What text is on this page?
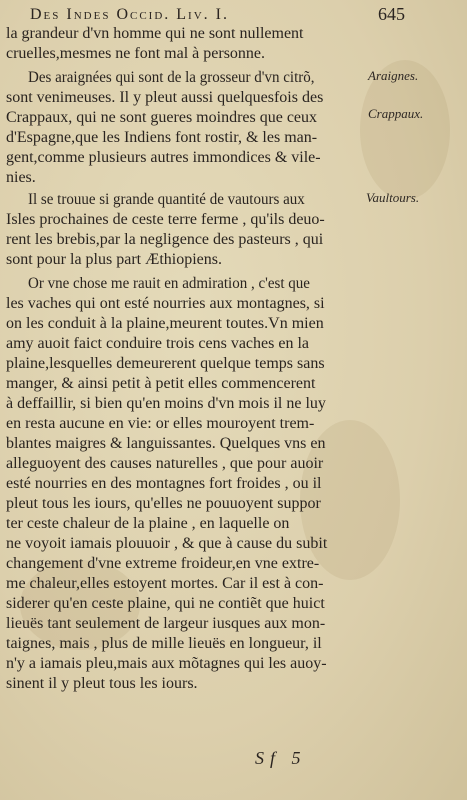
Des Indes Occid. Liv. I.	645
la grandeur d'vn homme qui ne sont nullement
cruelles,mesmes ne font mal à personne.
Des araignées qui sont de la grosseur d'vn citrõ,
sont venimeuses. Il y pleut aussi quelquesfois des
Crappaux, qui ne sont gueres moindres que ceux
d'Espagne,que les Indiens font rostir, & les man-
gent,comme plusieurs autres immondices & vile-
nies.
Il se trouue si grande quantité de vautours aux
Isles prochaines de ceste terre ferme , qu'ils deuo-
rent les brebis,par la negligence des pasteurs , qui
sont pour la plus part Æthiopiens.
Or vne chose me rauit en admiration , c'est que
les vaches qui ont esté nourries aux montagnes, si
on les conduit à la plaine,meurent toutes.Vn mien
amy auoit faict conduire trois cens vaches en la
plaine,lesquelles demeurerent quelque temps sans
manger, & ainsi petit à petit elles commencerent
à deffaillir, si bien qu'en moins d'vn mois il ne luy
en resta aucune en vie: or elles mouroyent trem-
blantes maigres & languissantes. Quelques vns en
alleguoyent des causes naturelles , que pour auoir
esté nourries en des montagnes fort froides , ou il
pleut tous les iours, qu'elles ne pouuoyent suppor
ter ceste chaleur de la plaine , en laquelle on
ne voyoit iamais plouuoir , & que à cause du subit
changement d'vne extreme froideur,en vne extre-
me chaleur,elles estoyent mortes. Car il est à con-
siderer qu'en ceste plaine, qui ne contiẽt que huict
lieuës tant seulement de largeur iusques aux mon-
taignes, mais , plus de mille lieuës en longueur, il
n'y a iamais pleu,mais aux mõtagnes qui les auoy-
sinent il y pleut tous les iours.
Araignes.
Crappaux.
Vaultours.
Sf 5
